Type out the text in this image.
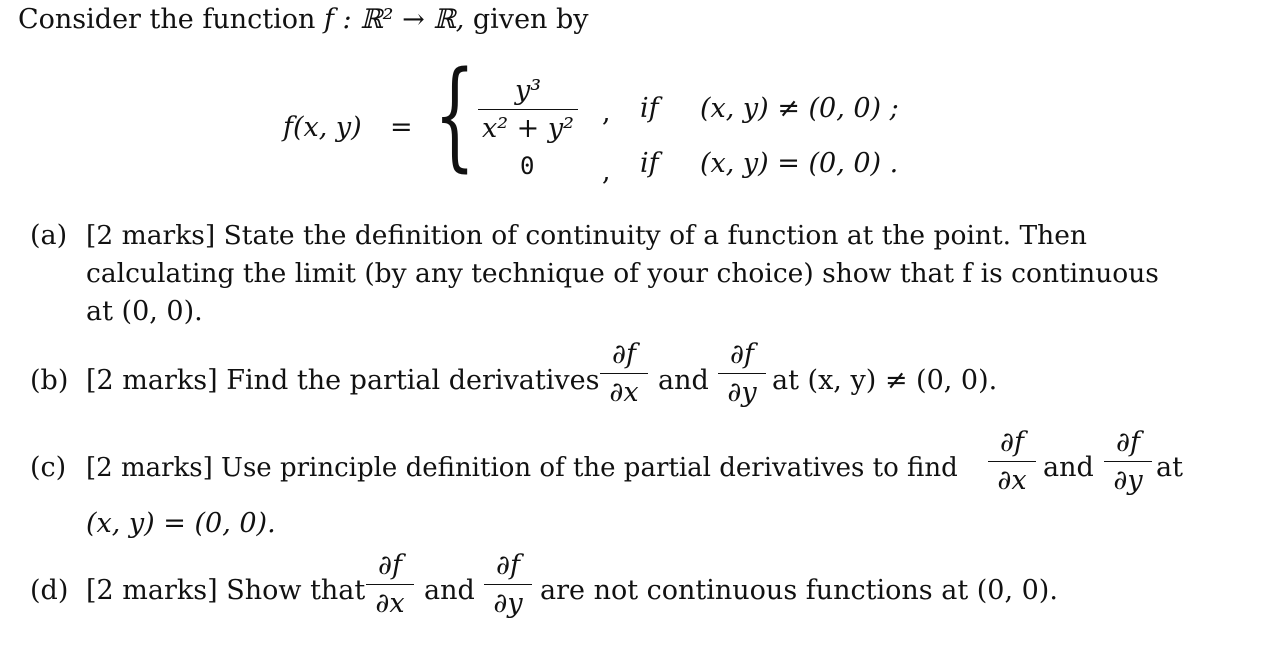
Consider the function f : ℝ² → ℝ, given by
f(x, y) = {	y³
x² + y²
, if (x, y) ≠ (0, 0) ;
0	, if (x, y) = (0, 0) .
(a) [2 marks] State the definition of continuity of a function at the point. Then
calculating the limit (by any technique of your choice) show that f is continuous
at (0, 0).
(b) [2 marks] Find the partial derivatives
∂f
∂x and
∂f
∂y at (x, y) ≠ (0, 0).
(c) [2 marks] Use principle definition of the partial derivatives to find
∂f
∂x and
∂f
∂y at
(x, y) = (0, 0).
(d) [2 marks] Show that
∂f
∂x and
∂f
∂y are not continuous functions at (0, 0).
